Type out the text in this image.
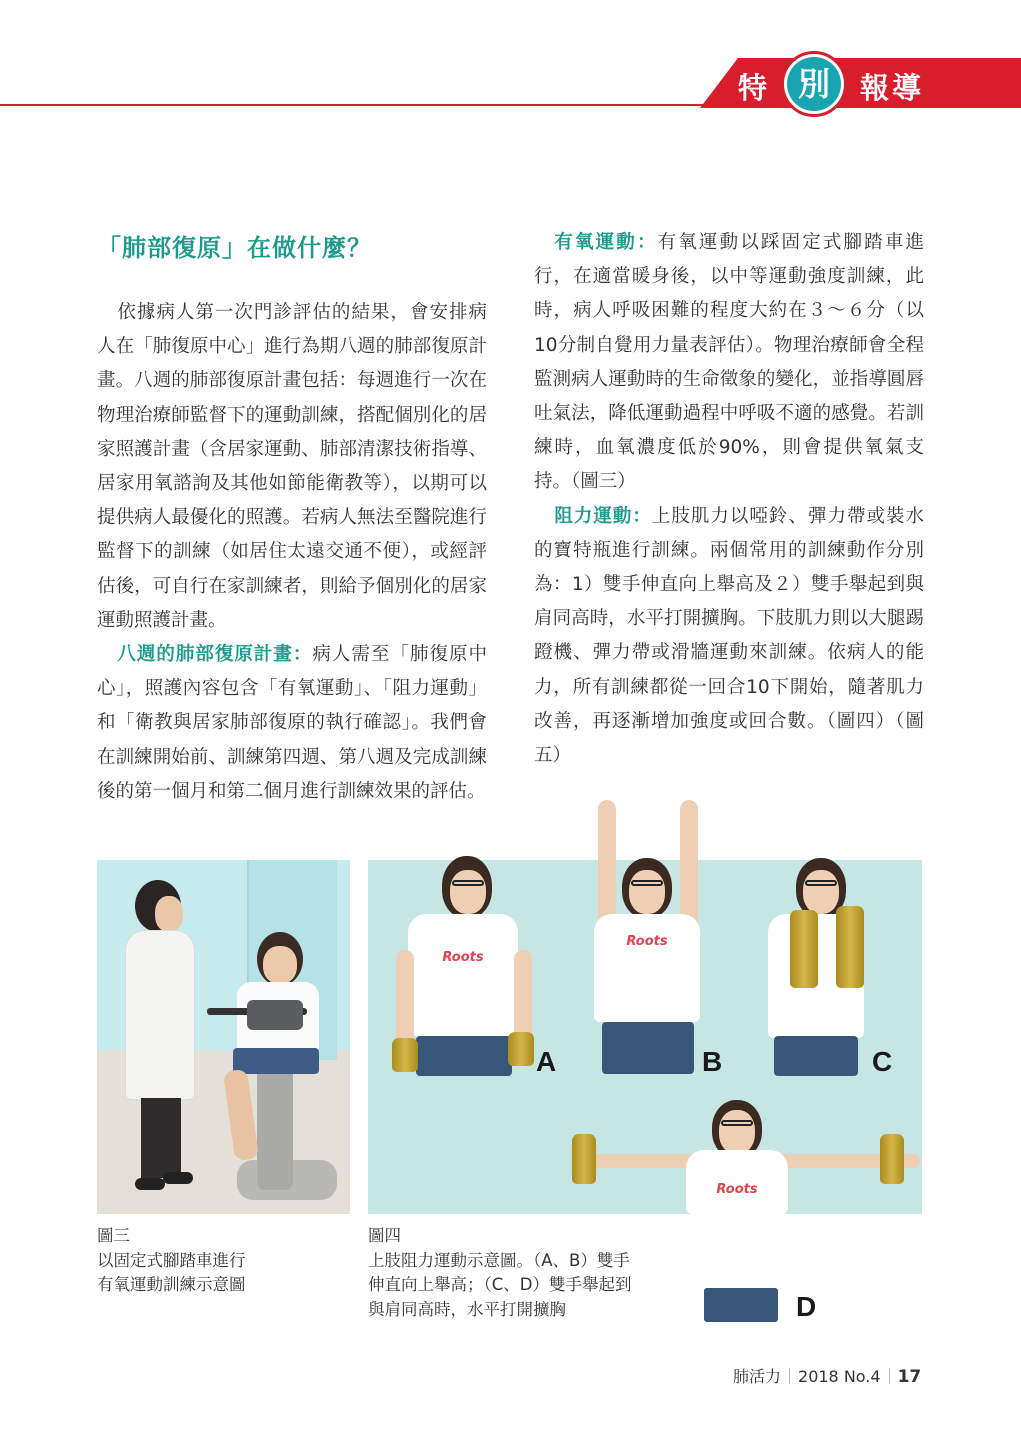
特	報導
別
「肺部復原」在做什麼？

依據病人第一次門診評估的結果，會安排病人在「肺復原中心」進行為期八週的肺部復原計畫。八週的肺部復原計畫包括：每週進行一次在物理治療師監督下的運動訓練，搭配個別化的居家照護計畫（含居家運動、肺部清潔技術指導、居家用氧諮詢及其他如節能衛教等），以期可以提供病人最優化的照護。若病人無法至醫院進行監督下的訓練（如居住太遠交通不便），或經評估後，可自行在家訓練者，則給予個別化的居家運動照護計畫。

八週的肺部復原計畫：病人需至「肺復原中心」，照護內容包含「有氧運動」、「阻力運動」和「衛教與居家肺部復原的執行確認」。我們會在訓練開始前、訓練第四週、第八週及完成訓練後的第一個月和第二個月進行訓練效果的評估。

有氧運動：有氧運動以踩固定式腳踏車進行，在適當暖身後，以中等運動強度訓練，此時，病人呼吸困難的程度大約在３～６分（以10分制自覺用力量表評估）。物理治療師會全程監測病人運動時的生命徵象的變化，並指導圓唇吐氣法，降低運動過程中呼吸不適的感覺。若訓練時，血氧濃度低於90%，則會提供氧氣支持。（圖三）

阻力運動：上肢肌力以啞鈴、彈力帶或裝水的寶特瓶進行訓練。兩個常用的訓練動作分別為：1）雙手伸直向上舉高及２）雙手舉起到與肩同高時，水平打開擴胸。下肢肌力則以大腿踢蹬機、彈力帶或滑牆運動來訓練。依病人的能力，所有訓練都從一回合10下開始，隨著肌力改善，再逐漸增加強度或回合數。（圖四）（圖五）

Roots
A
Roots
B	C
Roots
D
圖三
以固定式腳踏車進行
有氧運動訓練示意圖
圖四
上肢阻力運動示意圖。（A、B）雙手
伸直向上舉高；（C、D）雙手舉起到
與肩同高時，水平打開擴胸
肺活力 2018 No.4 17
